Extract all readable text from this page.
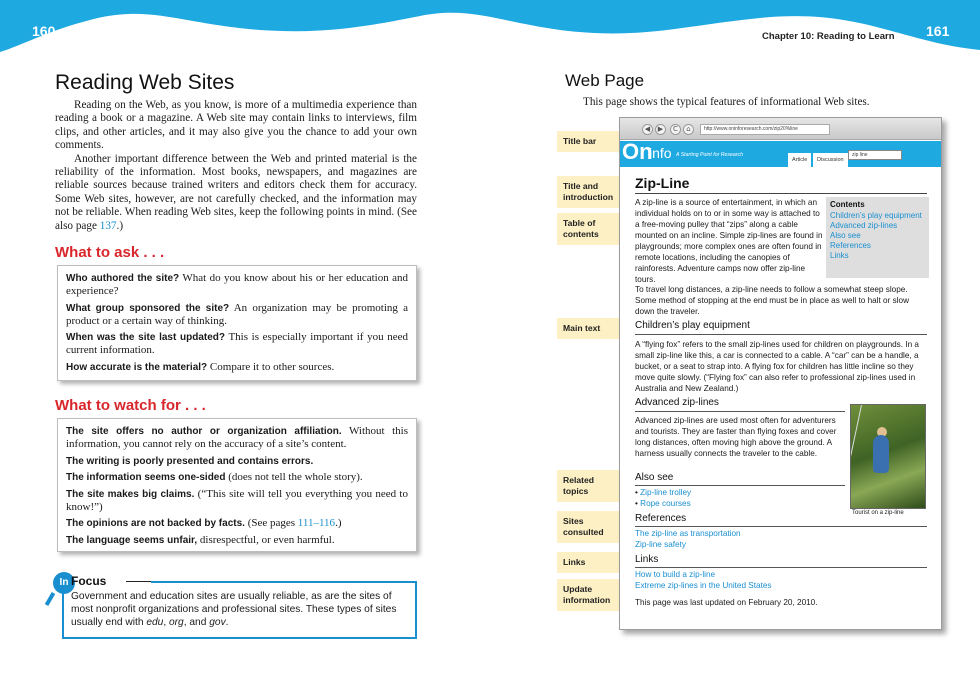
160	Chapter 10: Reading to Learn 161
Reading Web Sites

Reading on the Web, as you know, is more of a multimedia experience than reading a book or a magazine. A Web site may contain links to interviews, film clips, and other articles, and it may also give you the chance to add your own comments.

Another important difference between the Web and printed material is the reliability of the information. Most books, newspapers, and magazines are reliable sources because trained writers and editors check them for accuracy. Some Web sites, however, are not carefully checked, and the information may not be reliable. When reading Web sites, keep the following points in mind. (See also page 137.)

What to ask . . .
Who authored the site? What do you know about his or her education and experience?
What group sponsored the site? An organization may be promoting a product or a certain way of thinking.
When was the site last updated? This is especially important if you need current information.
How accurate is the material? Compare it to other sources.
What to watch for . . .
The site offers no author or organization affiliation. Without this information, you cannot rely on the accuracy of a site’s content.
The writing is poorly presented and contains errors.
The information seems one-sided (does not tell the whole story).
The site makes big claims. (“This site will tell you everything you need to know!”)
The opinions are not backed by facts. (See pages 111–116.)
The language seems unfair, disrespectful, or even harmful.
In Focus
Government and education sites are usually reliable, as are the sites of most nonprofit organizations and professional sites. These types of sites usually end with edu, org, and gov.
Web Page
This page shows the typical features of informational Web sites.
Title bar
Title and
introduction
Table of
contents
Main text
Related
topics
Sites
consulted
Links
Update
information
◀	▶	C	⌂	http://www.oninforesearch.com/zip20%line
On
info A Starting Point for Research
Article	Discussion
zip line
Zip-Line
A zip-line is a source of entertainment, in which an individual holds on to or in some way is attached to a free-moving pulley that “zips” along a cable mounted on an incline. Simple zip-lines are found in playgrounds; more complex ones are often found in remote locations, including the canopies of rainforests. Adventure camps now offer zip-line tours.
Contents
Children’s play equipment
Advanced zip-lines
Also see
References
Links
To travel long distances, a zip-line needs to follow a somewhat steep slope. Some method of stopping at the end must be in place as well to halt or slow down the traveler.
Children’s play equipment
A “flying fox” refers to the small zip-lines used for children on playgrounds. In a small zip-line like this, a car is connected to a cable. A “car” can be a handle, a bucket, or a seat to strap into. A flying fox for children has little incline so they move quite slowly. (“Flying fox” can also refer to professional zip-lines used in Australia and New Zealand.)
Advanced zip-lines
Advanced zip-lines are used most often for adventurers and tourists. They are faster than flying foxes and cover long distances, often moving high above the ground. A harness usually connects the traveler to the cable.
Tourist on a zip-line
Also see
• Zip-line trolley
• Rope courses
References
The zip-line as transportation
Zip-line safety
Links
How to build a zip-line
Extreme zip-lines in the United States
This page was last updated on February 20, 2010.
